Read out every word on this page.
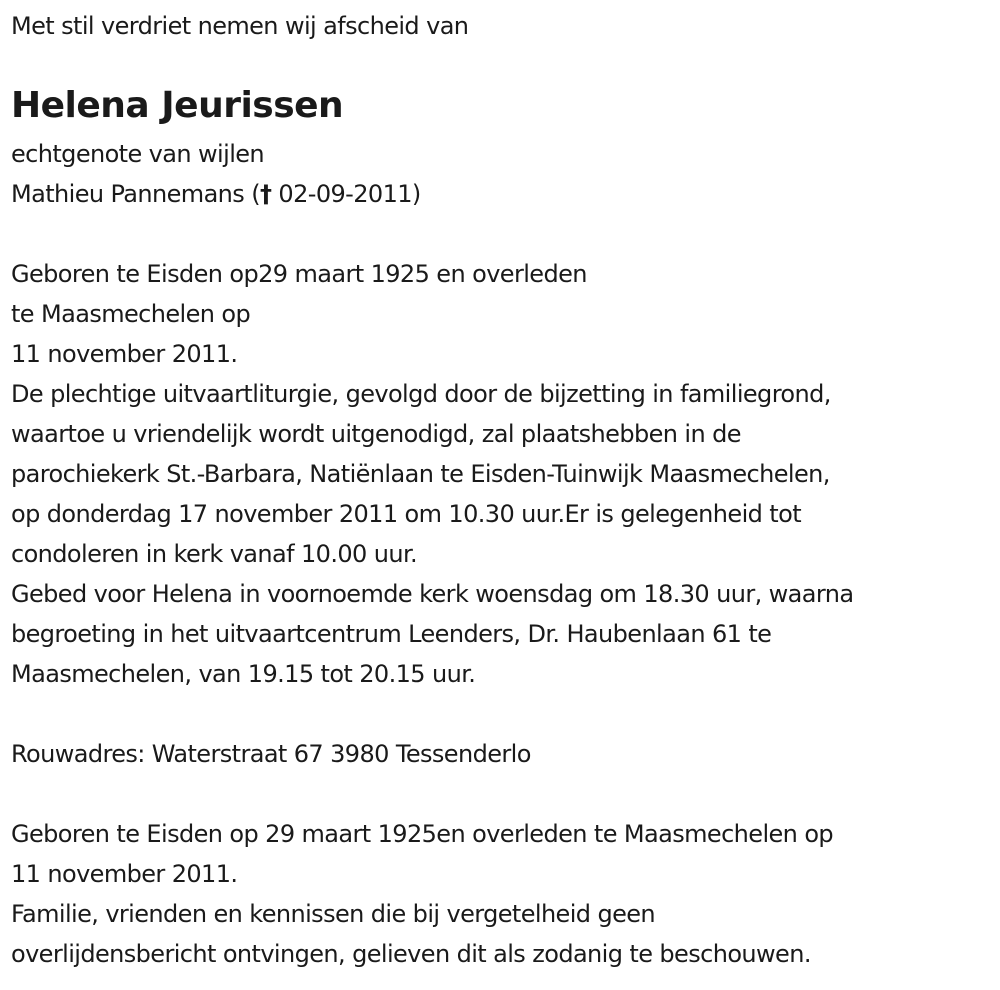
Met stil verdriet nemen wij afscheid van

Helena Jeurissen

echtgenote van wijlen

Mathieu Pannemans († 02-09-2011)

Geboren te Eisden op29 maart 1925 en overleden

te Maasmechelen op

11 november 2011.

De plechtige uitvaartliturgie, gevolgd door de bijzetting in familiegrond,

waartoe u vriendelijk wordt uitgenodigd, zal plaatshebben in de

parochiekerk St.-Barbara, Natiënlaan te Eisden-Tuinwijk Maasmechelen,

op donderdag 17 november 2011 om 10.30 uur.Er is gelegenheid tot

condoleren in kerk vanaf 10.00 uur.

Gebed voor Helena in voornoemde kerk woensdag om 18.30 uur, waarna

begroeting in het uitvaartcentrum Leenders, Dr. Haubenlaan 61 te

Maasmechelen, van 19.15 tot 20.15 uur.

Rouwadres: Waterstraat 67 3980 Tessenderlo

Geboren te Eisden op 29 maart 1925en overleden te Maasmechelen op

11 november 2011.

Familie, vrienden en kennissen die bij vergetelheid geen

overlijdensbericht ontvingen, gelieven dit als zodanig te beschouwen.
